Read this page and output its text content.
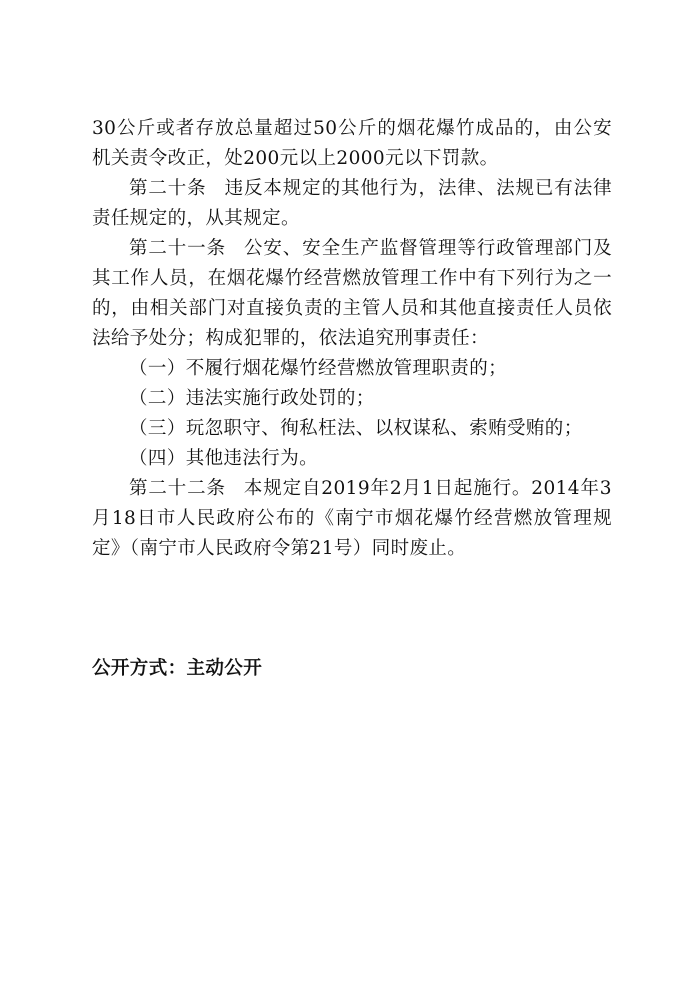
30公斤或者存放总量超过50公斤的烟花爆竹成品的，由公安机关责令改正，处200元以上2000元以下罚款。

第二十条 违反本规定的其他行为，法律、法规已有法律责任规定的，从其规定。

第二十一条 公安、安全生产监督管理等行政管理部门及其工作人员，在烟花爆竹经营燃放管理工作中有下列行为之一的，由相关部门对直接负责的主管人员和其他直接责任人员依法给予处分；构成犯罪的，依法追究刑事责任：

（一）不履行烟花爆竹经营燃放管理职责的；

（二）违法实施行政处罚的；

（三）玩忽职守、徇私枉法、以权谋私、索贿受贿的；

（四）其他违法行为。

第二十二条 本规定自2019年2月1日起施行。2014年3月18日市人民政府公布的《南宁市烟花爆竹经营燃放管理规定》（南宁市人民政府令第21号）同时废止。

公开方式：主动公开
